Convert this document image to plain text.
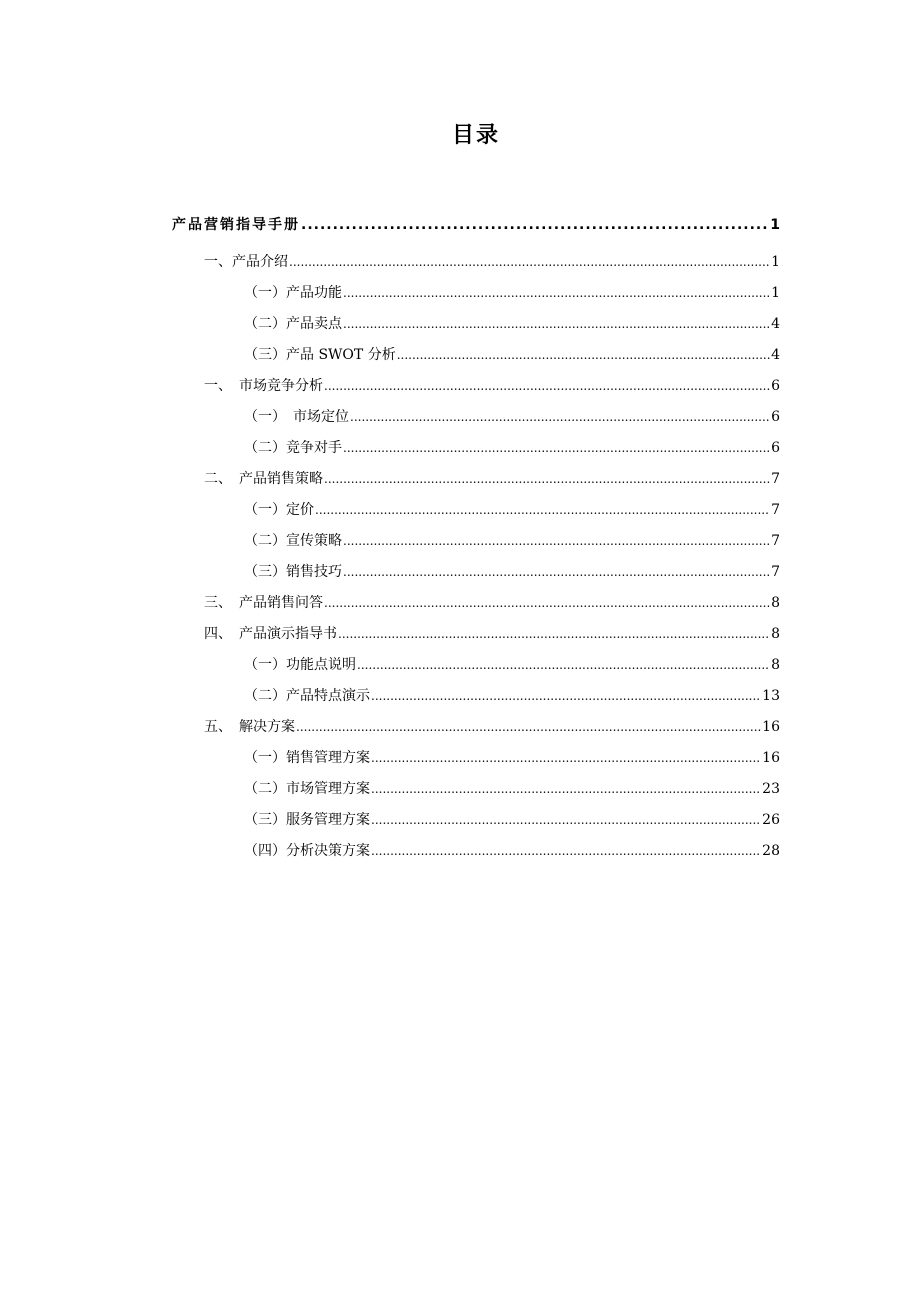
目录
产品营销指导手册 .....	1
一、产品介绍 .....	1
（一）产品功能 .....	1
（二）产品卖点 .....	4
（三）产品 SWOT 分析 .....	4
一、　市场竞争分析 .....	6
（一）　市场定位 .....	6
（二）竞争对手 .....	6
二、　产品销售策略 .....	7
（一）定价 .....	7
（二）宣传策略 .....	7
（三）销售技巧 .....	7
三、　产品销售问答 .....	8
四、　产品演示指导书 .....	8
（一）功能点说明 .....	8
（二）产品特点演示 .....	13
五、　解决方案 .....	16
（一）销售管理方案 .....	16
（二）市场管理方案 .....	23
（三）服务管理方案 .....	26
（四）分析决策方案 .....	28
